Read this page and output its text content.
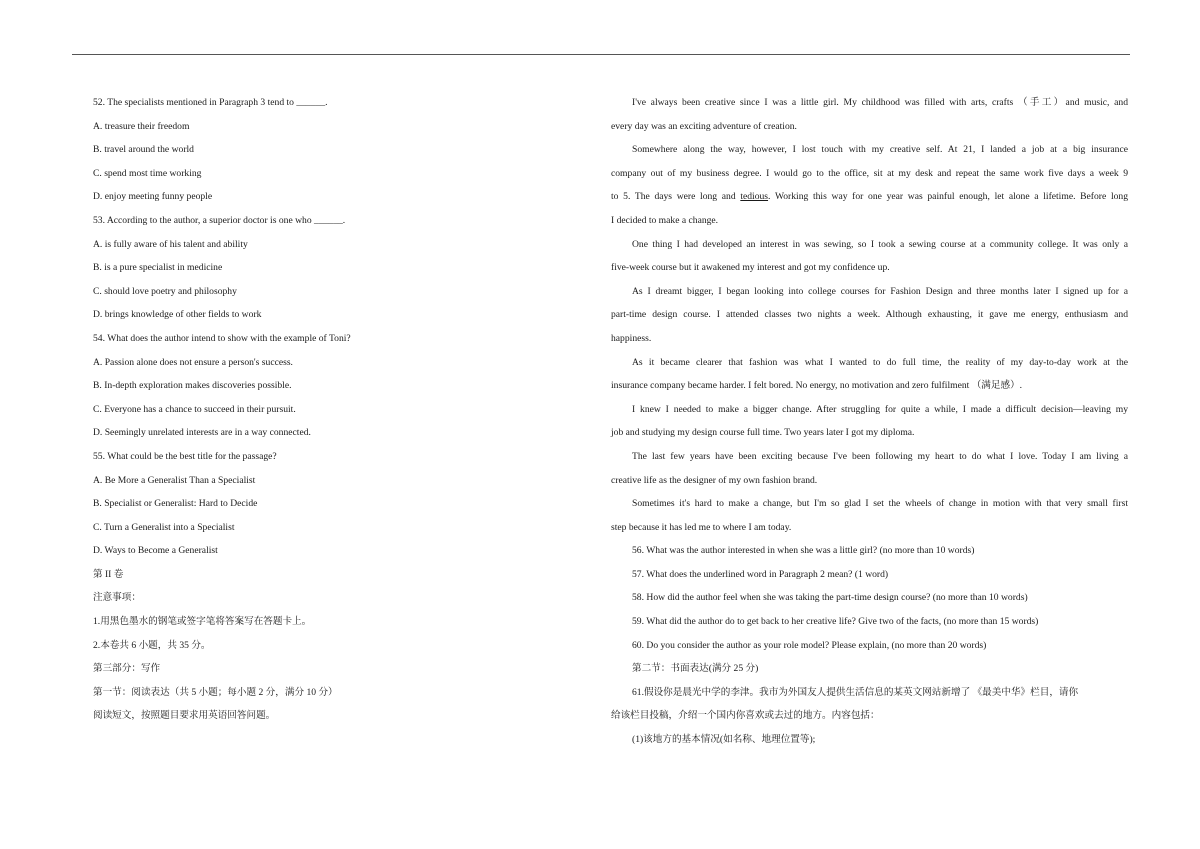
52. The specialists mentioned in Paragraph 3 tend to ______.
A. treasure their freedom
B. travel around the world
C. spend most time working
D. enjoy meeting funny people
53. According to the author, a superior doctor is one who ______.
A. is fully aware of his talent and ability
B. is a pure specialist in medicine
C. should love poetry and philosophy
D. brings knowledge of other fields to work
54. What does the author intend to show with the example of Toni?
A. Passion alone does not ensure a person's success.
B. In-depth exploration makes discoveries possible.
C. Everyone has a chance to succeed in their pursuit.
D. Seemingly unrelated interests are in a way connected.
55. What could be the best title for the passage?
A. Be More a Generalist Than a Specialist
B. Specialist or Generalist: Hard to Decide
C. Turn a Generalist into a Specialist
D. Ways to Become a Generalist
第 II 卷
注意事项：
1.用黑色墨水的钢笔或签字笔将答案写在答题卡上。
2.本卷共 6 小题，共 35 分。
第三部分：写作
第一节：阅读表达（共 5 小题；每小题 2 分，满分 10 分）
阅读短文，按照题目要求用英语回答问题。
I've always been creative since I was a little girl. My childhood was filled with arts, crafts （手工）and music, and
every day was an exciting adventure of creation.
Somewhere along the way, however, I lost touch with my creative self. At 21, I landed a job at a big insurance
company out of my business degree. I would go to the office, sit at my desk and repeat the same work five days a week 9
to 5. The days were long and tedious. Working this way for one year was painful enough, let alone a lifetime. Before long
I decided to make a change.
One thing I had developed an interest in was sewing, so I took a sewing course at a community college. It was only a
five-week course but it awakened my interest and got my confidence up.
As I dreamt bigger, I began looking into college courses for Fashion Design and three months later I signed up for a
part-time design course. I attended classes two nights a week. Although exhausting, it gave me energy, enthusiasm and
happiness.
As it became clearer that fashion was what I wanted to do full time, the reality of my day-to-day work at the
insurance company became harder. I felt bored. No energy, no motivation and zero fulfilment （满足感）.
I knew I needed to make a bigger change. After struggling for quite a while, I made a difficult decision—leaving my
job and studying my design course full time. Two years later I got my diploma.
The last few years have been exciting because I've been following my heart to do what I love. Today I am living a
creative life as the designer of my own fashion brand.
Sometimes it's hard to make a change, but I'm so glad I set the wheels of change in motion with that very small first
step because it has led me to where I am today.
56. What was the author interested in when she was a little girl? (no more than 10 words)
57. What does the underlined word in Paragraph 2 mean? (1 word)
58. How did the author feel when she was taking the part-time design course? (no more than 10 words)
59. What did the author do to get back to her creative life? Give two of the facts, (no more than 15 words)
60. Do you consider the author as your role model? Please explain, (no more than 20 words)
第二节：书面表达(满分 25 分)
61.假设你是晨光中学的李津。我市为外国友人提供生活信息的某英文网站新增了 《最美中华》栏目，请你
给该栏目投稿，介绍一个国内你喜欢或去过的地方。内容包括：
(1)该地方的基本情况(如名称、地理位置等);
